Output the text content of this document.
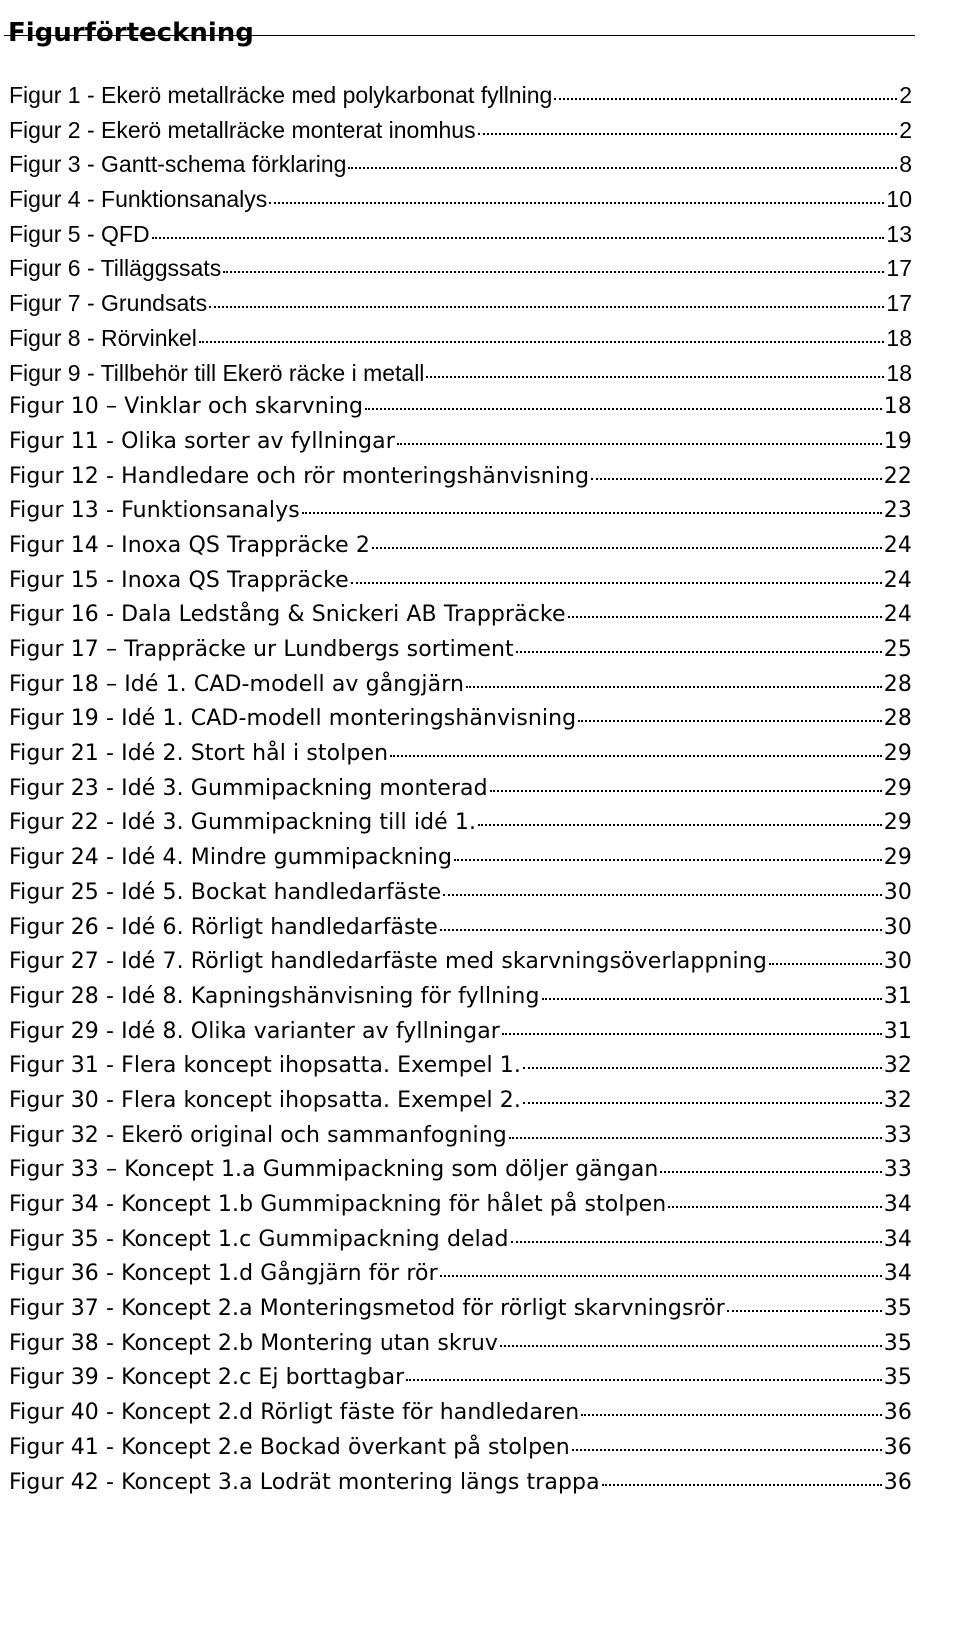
Figurförteckning
Figur 1 - Ekerö metallräcke med polykarbonat fyllning	2
Figur 2 - Ekerö metallräcke monterat inomhus	2
Figur 3 - Gantt-schema förklaring	8
Figur 4 - Funktionsanalys	10
Figur 5 - QFD	13
Figur 6 - Tilläggssats	17
Figur 7 - Grundsats	17
Figur 8 - Rörvinkel	18
Figur 9 - Tillbehör till Ekerö räcke i metall	18
Figur 10 – Vinklar och skarvning	18
Figur 11 - Olika sorter av fyllningar	19
Figur 12 - Handledare och rör monteringshänvisning	22
Figur 13 - Funktionsanalys	23
Figur 14 - Inoxa QS Trappräcke 2	24
Figur 15 - Inoxa QS Trappräcke	24
Figur 16 - Dala Ledstång & Snickeri AB Trappräcke	24
Figur 17 – Trappräcke ur Lundbergs sortiment	25
Figur 18 – Idé 1. CAD-modell av gångjärn	28
Figur 19 - Idé 1. CAD-modell monteringshänvisning	28
Figur 21 - Idé 2. Stort hål i stolpen	29
Figur 23 - Idé 3. Gummipackning monterad	29
Figur 22 - Idé 3. Gummipackning till idé 1.	29
Figur 24 - Idé 4. Mindre gummipackning	29
Figur 25 - Idé 5. Bockat handledarfäste	30
Figur 26 - Idé 6. Rörligt handledarfäste	30
Figur 27 - Idé 7. Rörligt handledarfäste med skarvningsöverlappning	30
Figur 28 - Idé 8. Kapningshänvisning för fyllning	31
Figur 29 - Idé 8. Olika varianter av fyllningar	31
Figur 31 - Flera koncept ihopsatta. Exempel 1.	32
Figur 30 - Flera koncept ihopsatta. Exempel 2.	32
Figur 32 - Ekerö original och sammanfogning	33
Figur 33 – Koncept 1.a Gummipackning som döljer gängan	33
Figur 34 - Koncept 1.b Gummipackning för hålet på stolpen	34
Figur 35 - Koncept 1.c Gummipackning delad	34
Figur 36 - Koncept 1.d Gångjärn för rör	34
Figur 37 - Koncept 2.a Monteringsmetod för rörligt skarvningsrör	35
Figur 38 - Koncept 2.b Montering utan skruv	35
Figur 39 - Koncept 2.c Ej borttagbar	35
Figur 40 - Koncept 2.d Rörligt fäste för handledaren	36
Figur 41 - Koncept 2.e Bockad överkant på stolpen	36
Figur 42 - Koncept 3.a Lodrät montering längs trappa	36
